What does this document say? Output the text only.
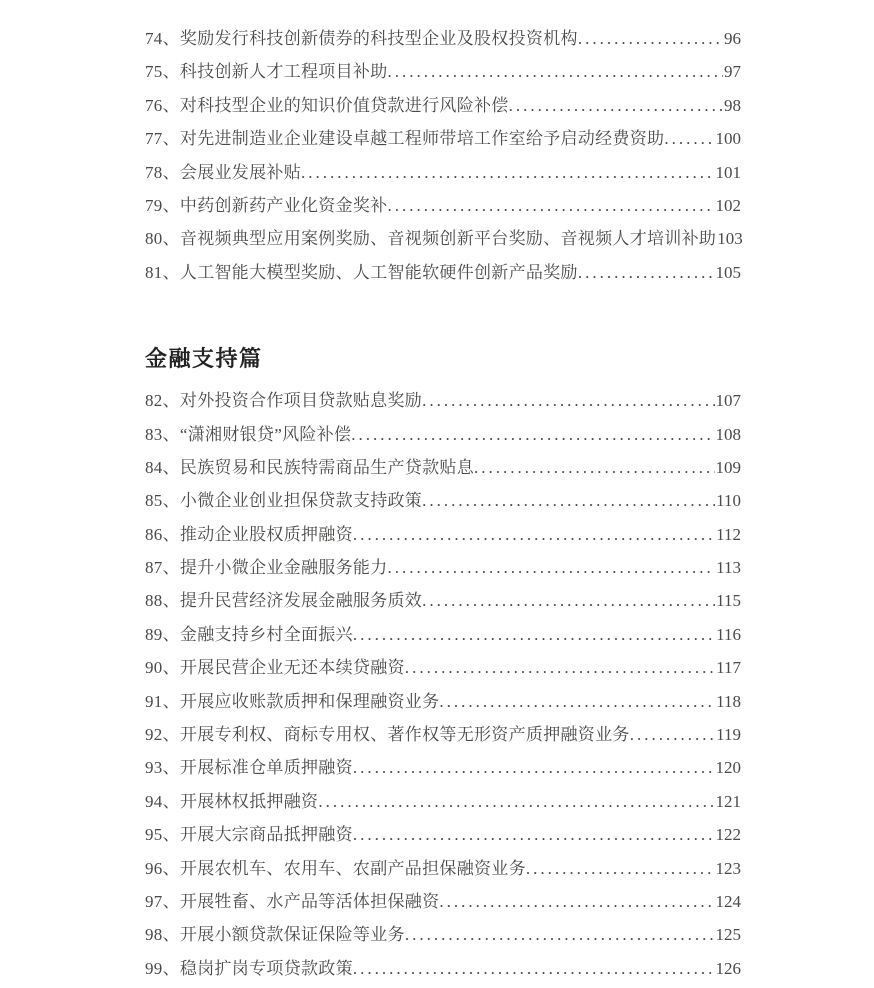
74、奖励发行科技创新债券的科技型企业及股权投资机构 .....	96
75、科技创新人才工程项目补助 .....	97
76、对科技型企业的知识价值贷款进行风险补偿 .....	98
77、对先进制造业企业建设卓越工程师带培工作室给予启动经费资助 .....	100
78、会展业发展补贴 .....	101
79、中药创新药产业化资金奖补 .....	102
80、音视频典型应用案例奖励、音视频创新平台奖励、音视频人才培训补助 103
81、人工智能大模型奖励、人工智能软硬件创新产品奖励 .....	105
金融支持篇
82、对外投资合作项目贷款贴息奖励 .....	107
83、“潇湘财银贷”风险补偿 .....	108
84、民族贸易和民族特需商品生产贷款贴息 .....	109
85、小微企业创业担保贷款支持政策 .....	110
86、推动企业股权质押融资 .....	112
87、提升小微企业金融服务能力 .....	113
88、提升民营经济发展金融服务质效 .....	115
89、金融支持乡村全面振兴 .....	116
90、开展民营企业无还本续贷融资 .....	117
91、开展应收账款质押和保理融资业务 .....	118
92、开展专利权、商标专用权、著作权等无形资产质押融资业务 .....	119
93、开展标准仓单质押融资 .....	120
94、开展林权抵押融资 .....	121
95、开展大宗商品抵押融资 .....	122
96、开展农机车、农用车、农副产品担保融资业务 .....	123
97、开展牲畜、水产品等活体担保融资 .....	124
98、开展小额贷款保证保险等业务 .....	125
99、稳岗扩岗专项贷款政策 .....	126
